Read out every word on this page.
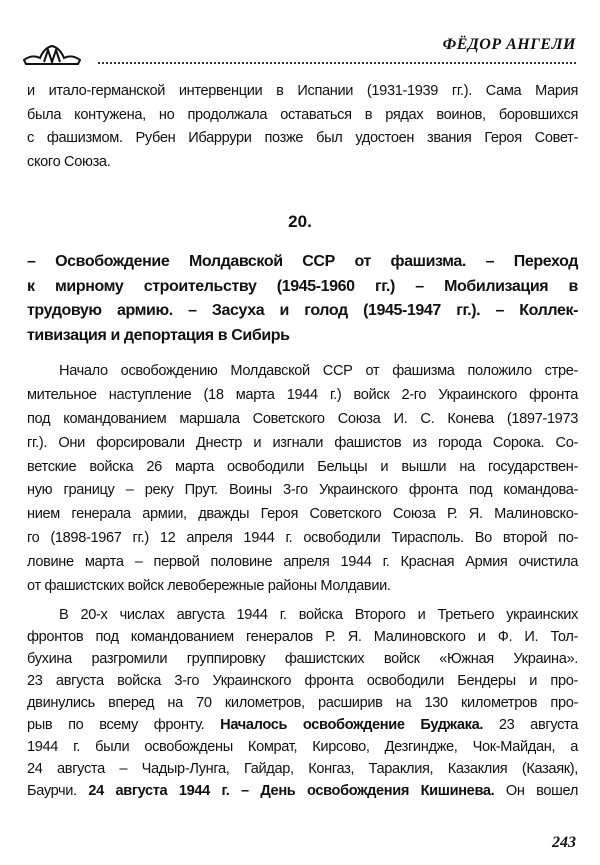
ФЁДОР АНГЕЛИ
и итало-германской интервенции в Испании (1931-1939 гг.). Сама Мария
была контужена, но продолжала оставаться в рядах воинов, боровшихся
с фашизмом. Рубен Ибаррури позже был удостоен звания Героя Совет-
ского Союза.
20.
– Освобождение Молдавской ССР от фашизма. – Переход
к мирному строительству (1945-1960 гг.) – Мобилизация в
трудовую армию. – Засуха и голод (1945-1947 гг.). – Коллек-
тивизация и депортация в Сибирь
Начало освобождению Молдавской ССР от фашизма положило стре-
мительное наступление (18 марта 1944 г.) войск 2-го Украинского фронта
под командованием маршала Советского Союза И. С. Конева (1897-1973
гг.). Они форсировали Днестр и изгнали фашистов из города Сорока. Со-
ветские войска 26 марта освободили Бельцы и вышли на государствен-
ную границу – реку Прут. Воины 3-го Украинского фронта под командова-
нием генерала армии, дважды Героя Советского Союза Р. Я. Малиновско-
го (1898-1967 гг.) 12 апреля 1944 г. освободили Тирасполь. Во второй по-
ловине марта – первой половине апреля 1944 г. Красная Армия очистила
от фашистских войск левобережные районы Молдавии.
В 20-х числах августа 1944 г. войска Второго и Третьего украинских
фронтов под командованием генералов Р. Я. Малиновского и Ф. И. Тол-
бухина разгромили группировку фашистских войск «Южная Украина».
23 августа войска 3-го Украинского фронта освободили Бендеры и про-
двинулись вперед на 70 километров, расширив на 130 километров про-
рыв по всему фронту. Началось освобождение Буджака. 23 августа
1944 г. были освобождены Комрат, Кирсово, Дезгиндже, Чок-Майдан, а
24 августа – Чадыр-Лунга, Гайдар, Конгаз, Тараклия, Казаклия (Казаяк),
Баурчи. 24 августа 1944 г. – День освобождения Кишинева. Он вошел
243
